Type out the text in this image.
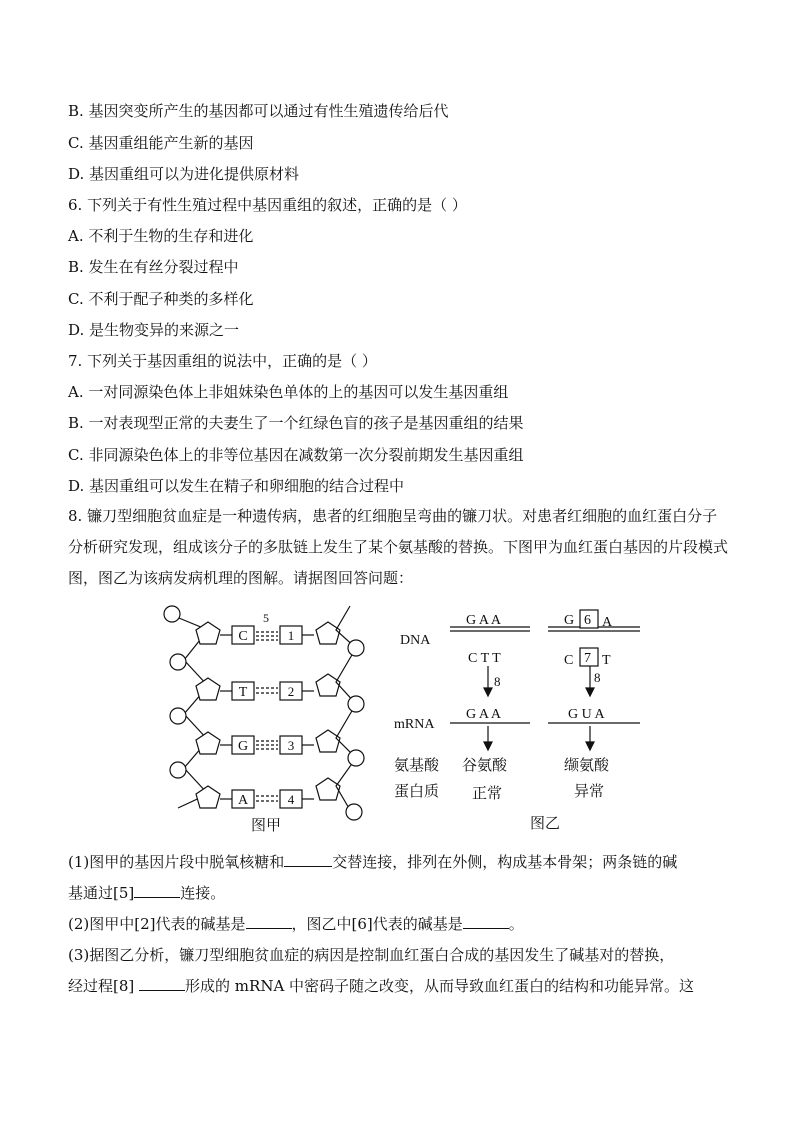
B. 基因突变所产生的基因都可以通过有性生殖遗传给后代
C. 基因重组能产生新的基因
D. 基因重组可以为进化提供原材料
6. 下列关于有性生殖过程中基因重组的叙述，正确的是（ ）
A. 不利于生物的生存和进化
B. 发生在有丝分裂过程中
C. 不利于配子种类的多样化
D. 是生物变异的来源之一
7. 下列关于基因重组的说法中，正确的是（ ）
A. 一对同源染色体上非姐妹染色单体的上的基因可以发生基因重组
B. 一对表现型正常的夫妻生了一个红绿色盲的孩子是基因重组的结果
C. 非同源染色体上的非等位基因在减数第一次分裂前期发生基因重组
D. 基因重组可以发生在精子和卵细胞的结合过程中
8. 镰刀型细胞贫血症是一种遗传病，患者的红细胞呈弯曲的镰刀状。对患者红细胞的血红蛋白分子分析研究发现，组成该分子的多肽链上发生了某个氨基酸的替换。下图甲为血红蛋白基因的片段模式图，图乙为该病发病机理的图解。请据图回答问题：
C
T
G
A
1
2
3
4
5
图甲
DNA
mRNA
G A A
C T T
G A A
G 6 A
C 7 T
G U A
8	8
氨基酸
蛋白质
谷氨酸
正常
缬氨酸
异常
图乙
(1)图甲的基因片段中脱氧核糖和	交替连接，排列在外侧，构成基本骨架；两条链的碱
基通过[5]	连接。
(2)图甲中[2]代表的碱基是	，图乙中[6]代表的碱基是	。
(3)据图乙分析，镰刀型细胞贫血症的病因是控制血红蛋白合成的基因发生了碱基对的替换，
经过程[8]	形成的 mRNA 中密码子随之改变，从而导致血红蛋白的结构和功能异常。这
